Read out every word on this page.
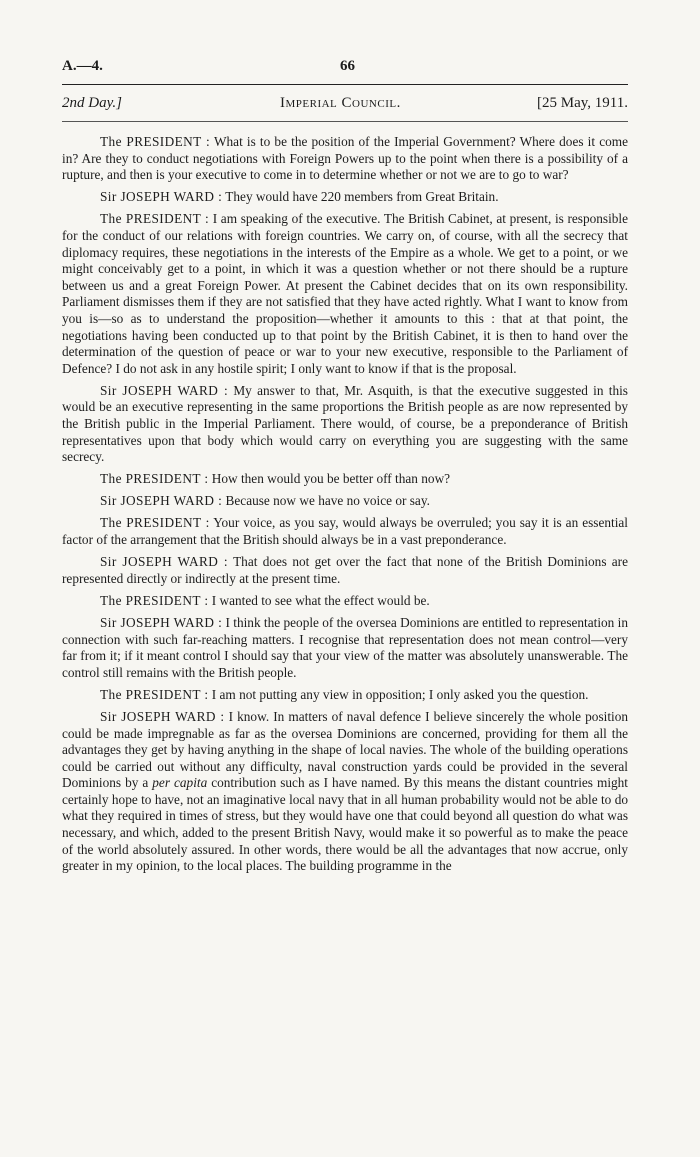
A.—4.	66
2nd Day.]	Imperial Council.	[25 May, 1911.

The PRESIDENT : What is to be the position of the Imperial Government? Where does it come in? Are they to conduct negotiations with Foreign Powers up to the point when there is a possibility of a rupture, and then is your executive to come in to determine whether or not we are to go to war?

Sir JOSEPH WARD : They would have 220 members from Great Britain.

The PRESIDENT : I am speaking of the executive. The British Cabinet, at present, is responsible for the conduct of our relations with foreign countries. We carry on, of course, with all the secrecy that diplomacy requires, these negotiations in the interests of the Empire as a whole. We get to a point, or we might conceivably get to a point, in which it was a question whether or not there should be a rupture between us and a great Foreign Power. At present the Cabinet decides that on its own responsibility. Parliament dismisses them if they are not satisfied that they have acted rightly. What I want to know from you is—so as to understand the proposition—whether it amounts to this : that at that point, the negotiations having been conducted up to that point by the British Cabinet, it is then to hand over the determination of the question of peace or war to your new executive, responsible to the Parliament of Defence? I do not ask in any hostile spirit; I only want to know if that is the proposal.

Sir JOSEPH WARD : My answer to that, Mr. Asquith, is that the executive suggested in this would be an executive representing in the same proportions the British people as are now represented by the British public in the Imperial Parliament. There would, of course, be a preponderance of British representatives upon that body which would carry on everything you are suggesting with the same secrecy.

The PRESIDENT : How then would you be better off than now?

Sir JOSEPH WARD : Because now we have no voice or say.

The PRESIDENT : Your voice, as you say, would always be overruled; you say it is an essential factor of the arrangement that the British should always be in a vast preponderance.

Sir JOSEPH WARD : That does not get over the fact that none of the British Dominions are represented directly or indirectly at the present time.

The PRESIDENT : I wanted to see what the effect would be.

Sir JOSEPH WARD : I think the people of the oversea Dominions are entitled to representation in connection with such far-reaching matters. I recognise that representation does not mean control—very far from it; if it meant control I should say that your view of the matter was absolutely unanswerable. The control still remains with the British people.

The PRESIDENT : I am not putting any view in opposition; I only asked you the question.

Sir JOSEPH WARD : I know. In matters of naval defence I believe sincerely the whole position could be made impregnable as far as the oversea Dominions are concerned, providing for them all the advantages they get by having anything in the shape of local navies. The whole of the building operations could be carried out without any difficulty, naval construction yards could be provided in the several Dominions by a per capita contribution such as I have named. By this means the distant countries might certainly hope to have, not an imaginative local navy that in all human probability would not be able to do what they required in times of stress, but they would have one that could beyond all question do what was necessary, and which, added to the present British Navy, would make it so powerful as to make the peace of the world absolutely assured. In other words, there would be all the advantages that now accrue, only greater in my opinion, to the local places. The building programme in the
